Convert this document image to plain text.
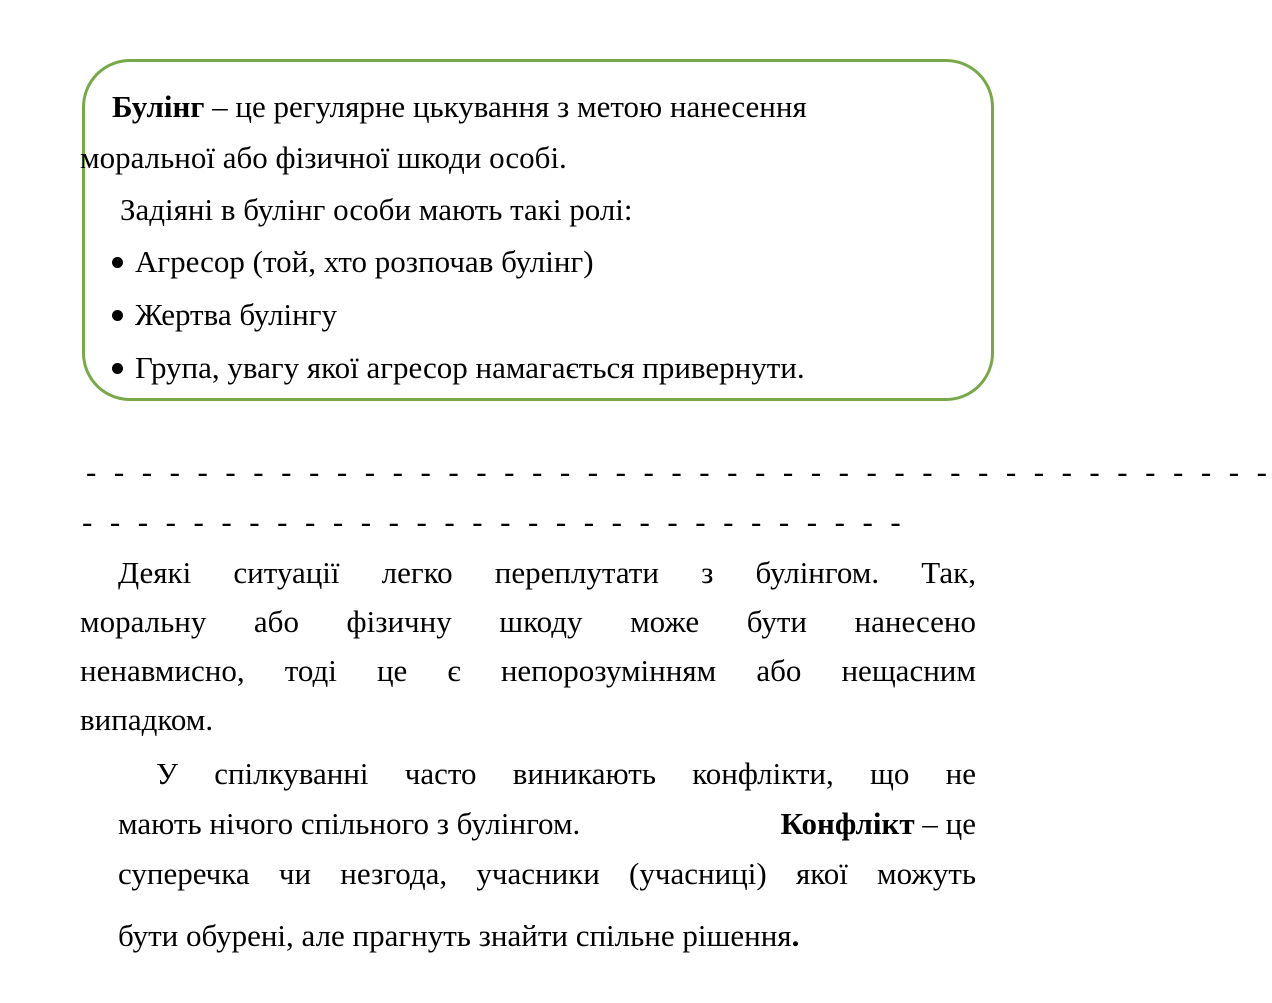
Булінг – це регулярне цькування з метою нанесення
моральної або фізичної шкоди особі.
Задіяні в булінг особи мають такі ролі:
Агресор (той, хто розпочав булінг)
Жертва булінгу
Група, увагу якої агресор намагається привернути.
- - - - - - - - - - - - - - - - - - - - - - - - - - - - - - - - - - - - - - - - - - -
- - - - - - - - - - - - - - - - - - - - - - - - - - - - - -
Деякі ситуації легко переплутати з булінгом. Так,
моральну або фізичну шкоду може бути нанесено
ненавмисно, тоді це є непорозумінням або нещасним
випадком.
У спілкуванні часто виникають конфлікти, що не
мають нічого спільного з булінгом.	Конфлікт – це
суперечка чи незгода, учасники (учасниці) якої можуть
бути обурені, але прагнуть знайти спільне рішення.
